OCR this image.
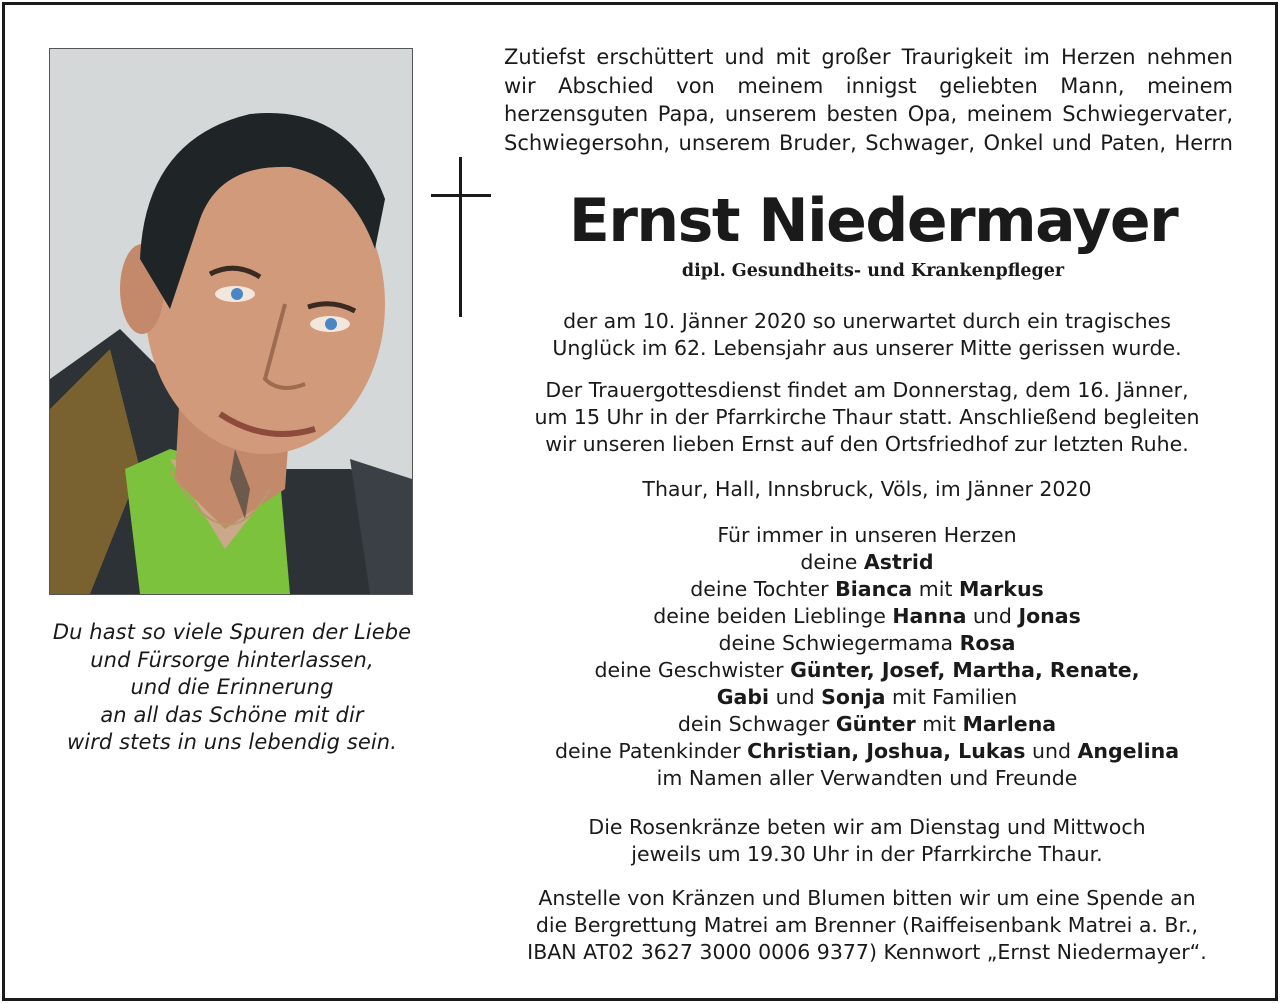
Du hast so viele Spuren der Liebe
und Fürsorge hinterlassen,
und die Erinnerung
an all das Schöne mit dir
wird stets in uns lebendig sein.
Zutiefst erschüttert und mit großer Traurigkeit im Herzen nehmen
wir Abschied von meinem innigst geliebten Mann, meinem
herzensguten Papa, unserem besten Opa, meinem Schwiegervater,
Schwiegersohn, unserem Bruder, Schwager, Onkel und Paten, Herrn
Ernst Niedermayer
dipl. Gesundheits- und Krankenpfleger
der am 10. Jänner 2020 so unerwartet durch ein tragisches
Unglück im 62. Lebensjahr aus unserer Mitte gerissen wurde.
Der Trauergottesdienst findet am Donnerstag, dem 16. Jänner,
um 15 Uhr in der Pfarrkirche Thaur statt. Anschließend begleiten
wir unseren lieben Ernst auf den Ortsfriedhof zur letzten Ruhe.
Thaur, Hall, Innsbruck, Völs, im Jänner 2020
Für immer in unseren Herzen
deine Astrid
deine Tochter Bianca mit Markus
deine beiden Lieblinge Hanna und Jonas
deine Schwiegermama Rosa
deine Geschwister Günter, Josef, Martha, Renate,
Gabi und Sonja mit Familien
dein Schwager Günter mit Marlena
deine Patenkinder Christian, Joshua, Lukas und Angelina
im Namen aller Verwandten und Freunde
Die Rosenkränze beten wir am Dienstag und Mittwoch
jeweils um 19.30 Uhr in der Pfarrkirche Thaur.
Anstelle von Kränzen und Blumen bitten wir um eine Spende an
die Bergrettung Matrei am Brenner (Raiffeisenbank Matrei a. Br.,
IBAN AT02 3627 3000 0006 9377) Kennwort „Ernst Niedermayer“.
